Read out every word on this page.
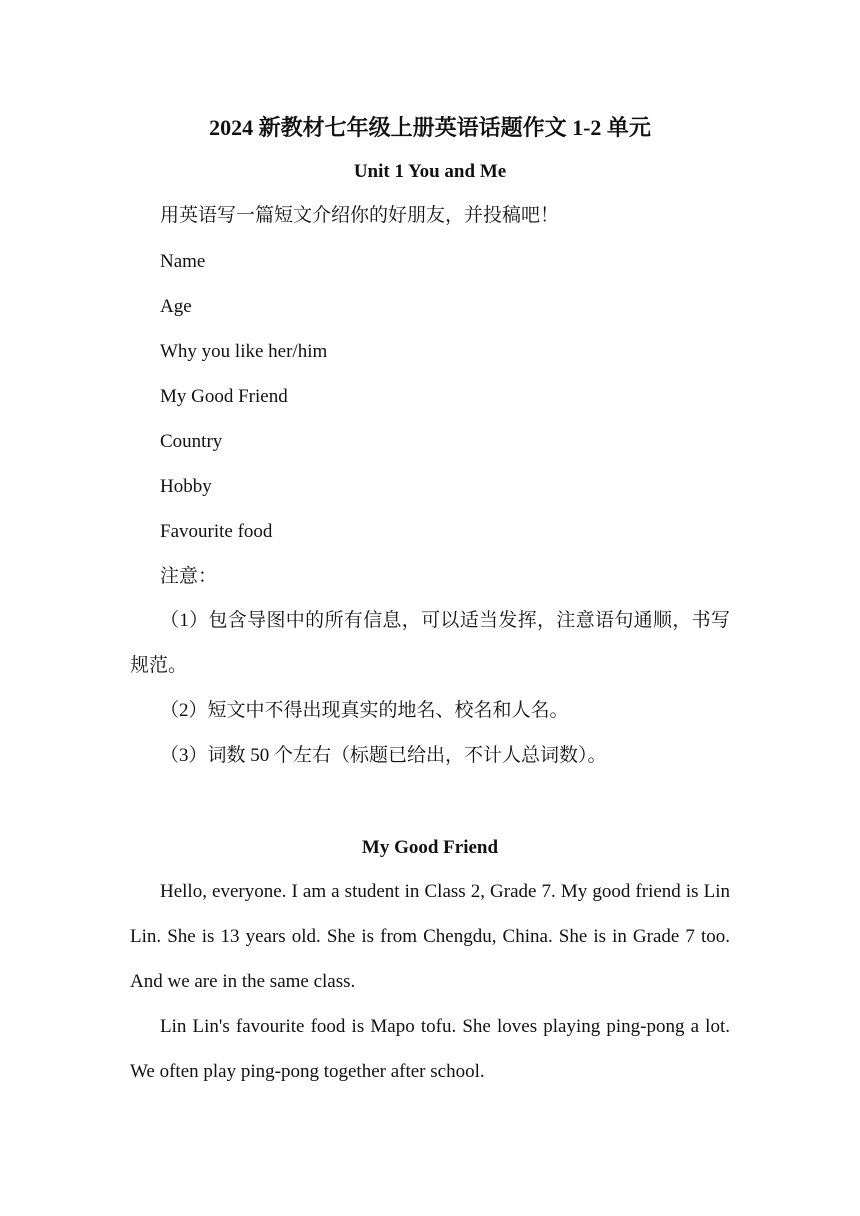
2024 新教材七年级上册英语话题作文 1-2 单元
Unit 1 You and Me
用英语写一篇短文介绍你的好朋友，并投稿吧！
Name
Age
Why you like her/him
My Good Friend
Country
Hobby
Favourite food
注意：
（1）包含导图中的所有信息，可以适当发挥，注意语句通顺，书写规范。
（2）短文中不得出现真实的地名、校名和人名。
（3）词数 50 个左右（标题已给出，不计人总词数）。
My Good Friend
Hello, everyone. I am a student in Class 2, Grade 7. My good friend is Lin Lin. She is 13 years old. She is from Chengdu, China. She is in Grade 7 too. And we are in the same class.
Lin Lin's favourite food is Mapo tofu. She loves playing ping-pong a lot. We often play ping-pong together after school.
